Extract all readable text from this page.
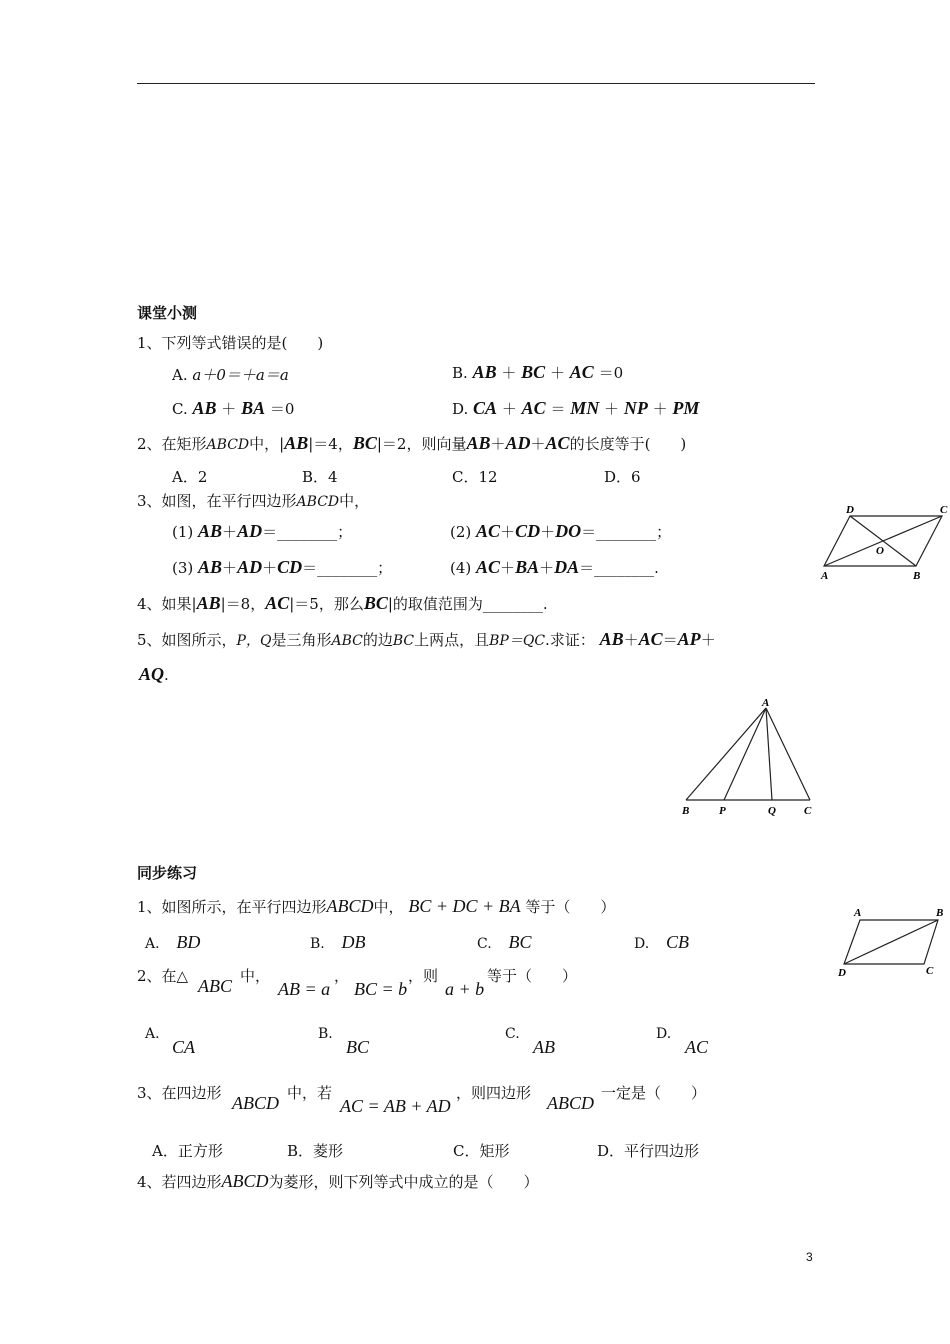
课堂小测
1、下列等式错误的是(　　)
A. a＋0＝＋a＝a	B. AB ＋ BC ＋ AC ＝0
C. AB ＋ BA ＝0	D. CA ＋ AC ＝ MN ＋ NP ＋ PM
2、在矩形ABCD中，|AB|＝4，BC|＝2，则向量AB＋AD＋AC的长度等于(　　)
A．2	B．4	C．12	D．6
3、如图，在平行四边形ABCD中，
(1) AB＋AD＝________；	(2) AC＋CD＋DO＝________；
(3) AB＋AD＋CD＝________；	(4) AC＋BA＋DA＝________.
D	C
O
A	B
4、如果|AB|＝8，AC|＝5，那么BC|的取值范围为________.
5、如图所示，P，Q是三角形ABC的边BC上两点，且BP＝QC.求证： AB＋AC＝AP＋
AQ.
A
B	P	Q	C
同步练习
1、如图所示，在平行四边形ABCD中， BC + DC + BA 等于（　　）
A. BD	B. DB	C. BC	D. CB
A	B
D	C
2、在△ ABC 中，
AB = a
，
BC = b
，则
a + b
等于（　　）
A.
CA
B.
BC
C.
AB
D.
AC
3、在四边形 ABCD 中，若
AC = AB + AD
，则四边形 ABCD 一定是（　　）
A．正方形	B．菱形	C．矩形	D．平行四边形
4、若四边形ABCD为菱形，则下列等式中成立的是（　　）
3
